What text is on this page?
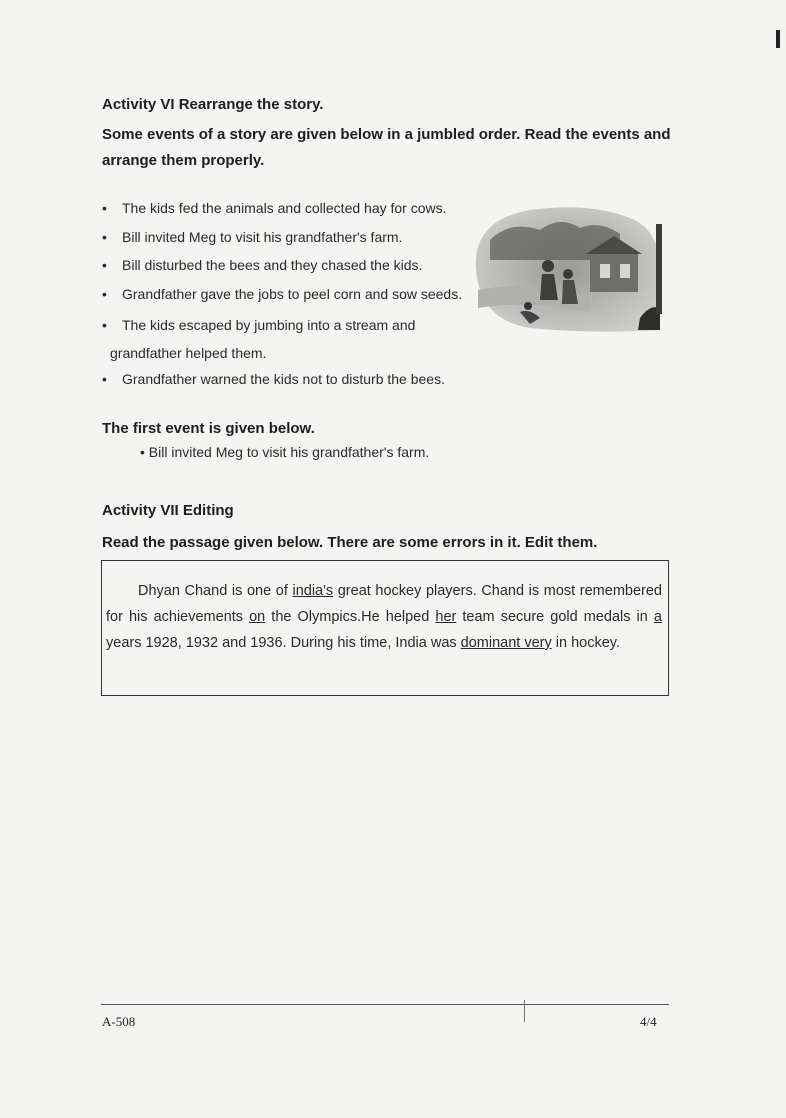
Activity VI Rearrange the story.
Some events of a story are given below in a jumbled order. Read the events and arrange them properly.
• The kids fed the animals and collected hay for cows.
• Bill invited Meg to visit his grandfather's farm.
• Bill disturbed the bees and they chased the kids.
• Grandfather gave the jobs to peel corn and sow seeds.
• The kids escaped by jumbing into a stream and
grandfather helped them.
• Grandfather warned the kids not to disturb the bees.
The first event is given below.
• Bill invited Meg to visit his grandfather's farm.
Activity VII Editing
Read the passage given below. There are some errors in it. Edit them.
Dhyan Chand is one of india's great hockey players. Chand is most remembered for his achievements on the Olympics.He helped her team secure gold medals in a years 1928, 1932 and 1936. During his time, India was dominant very in hockey.
A-508	4/4
